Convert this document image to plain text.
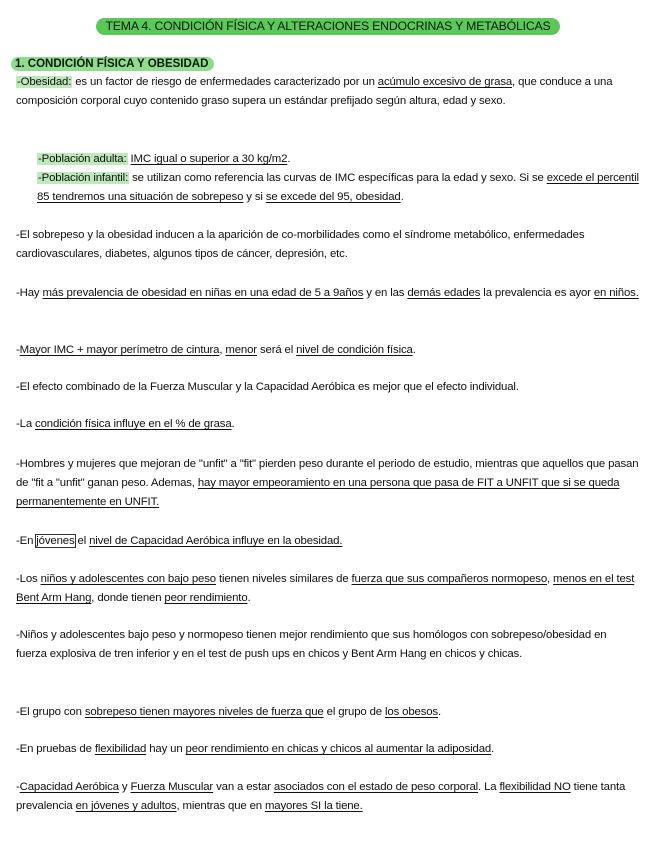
TEMA 4. CONDICIÓN FÍSICA Y ALTERACIONES ENDOCRINAS Y METABÓLICAS
1. CONDICIÓN FÍSICA Y OBESIDAD

-Obesidad: es un factor de riesgo de enfermedades caracterizado por un acúmulo excesivo de grasa, que conduce a una composición corporal cuyo contenido graso supera un estándar prefijado según altura, edad y sexo.

-Población adulta: IMC igual o superior a 30 kg/m2.

-Población infantil: se utilizan como referencia las curvas de IMC específicas para la edad y sexo. Si se excede el percentil 85 tendremos una situación de sobrepeso y si se excede del 95, obesidad.

-El sobrepeso y la obesidad inducen a la aparición de co-morbilidades como el síndrome metabólico, enfermedades cardiovasculares, diabetes, algunos tipos de cáncer, depresión, etc.

-Hay más prevalencia de obesidad en niñas en una edad de 5 a 9años y en las demás edades la prevalencia es ayor en niños.

-Mayor IMC + mayor perímetro de cintura, menor será el nivel de condición física.

-El efecto combinado de la Fuerza Muscular y la Capacidad Aeróbica es mejor que el efecto individual.

-La condición física influye en el % de grasa.

-Hombres y mujeres que mejoran de "unfit" a "fit" pierden peso durante el periodo de estudio, mientras que aquellos que pasan de "fit a "unfit" ganan peso. Ademas, hay mayor empeoramiento en una persona que pasa de FIT a UNFIT que si se queda permanentemente en UNFIT.

-En jóvenes el nivel de Capacidad Aeróbica influye en la obesidad.

-Los niños y adolescentes con bajo peso tienen niveles similares de fuerza que sus compañeros normopeso, menos en el test Bent Arm Hang, donde tienen peor rendimiento.

-Niños y adolescentes bajo peso y normopeso tienen mejor rendimiento que sus homólogos con sobrepeso/obesidad en fuerza explosiva de tren inferior y en el test de push ups en chicos y Bent Arm Hang en chicos y chicas.

-El grupo con sobrepeso tienen mayores niveles de fuerza que el grupo de los obesos.

-En pruebas de flexibilidad hay un peor rendimiento en chicas y chicos al aumentar la adiposidad.

-Capacidad Aeróbica y Fuerza Muscular van a estar asociados con el estado de peso corporal. La flexibilidad NO tiene tanta prevalencia en jóvenes y adultos, mientras que en mayores SI la tiene.
